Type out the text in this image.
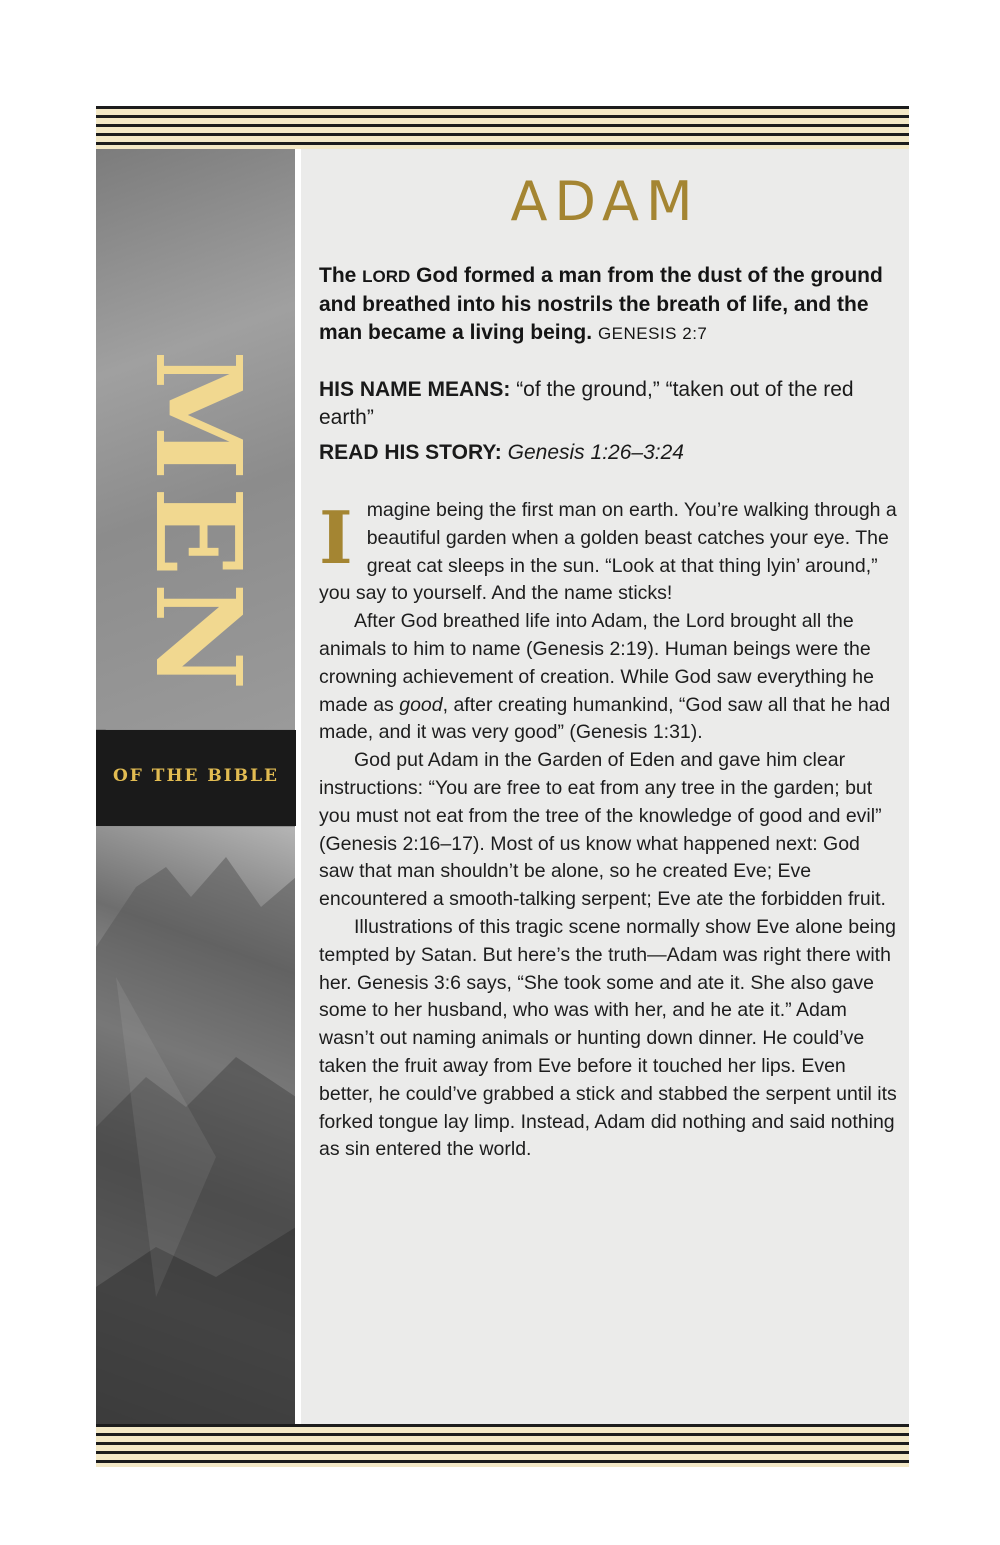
OF THE BIBLE
MEN
ADAM
The LORD God formed a man from the dust of the ground and breathed into his nostrils the breath of life, and the man became a living being. GENESIS 2:7
HIS NAME MEANS: “of the ground,” “taken out of the red earth”
READ HIS STORY: Genesis 1:26–3:24

Imagine being the first man on earth. You’re walking through a beautiful garden when a golden beast catches your eye. The great cat sleeps in the sun. “Look at that thing lyin’ around,” you say to yourself. And the name sticks!

After God breathed life into Adam, the Lord brought all the animals to him to name (Genesis 2:19). Human beings were the crowning achievement of creation. While God saw everything he made as good, after creating humankind, “God saw all that he had made, and it was very good” (Genesis 1:31).

God put Adam in the Garden of Eden and gave him clear instructions: “You are free to eat from any tree in the garden; but you must not eat from the tree of the knowledge of good and evil” (Genesis 2:16–17). Most of us know what happened next: God saw that man shouldn’t be alone, so he created Eve; Eve encountered a smooth-talking serpent; Eve ate the forbidden fruit.

Illustrations of this tragic scene normally show Eve alone being tempted by Satan. But here’s the truth—Adam was right there with her. Genesis 3:6 says, “She took some and ate it. She also gave some to her husband, who was with her, and he ate it.” Adam wasn’t out naming animals or hunting down dinner. He could’ve taken the fruit away from Eve before it touched her lips. Even better, he could’ve grabbed a stick and stabbed the serpent until its forked tongue lay limp. Instead, Adam did nothing and said nothing as sin entered the world.
